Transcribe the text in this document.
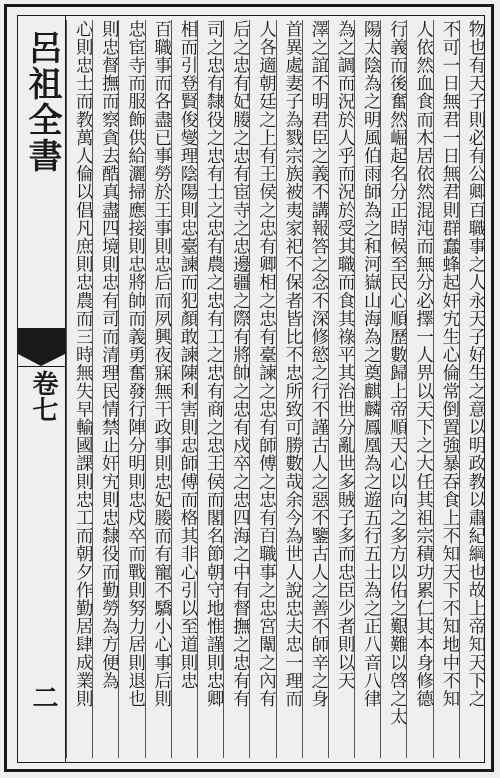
呂祖全書
卷七
二	物也有天子則必有公卿百職事之人永天子好生之意以明政教以肅紀綱也故上帝知天下之
不可一日無君一日無君則群蠢蜂起奸宄生心倫常倒置強暴吞食上不知天下不知地中不知
人依然血食而木居依然混沌而無分必擇一人畀以天下之大任其祖宗積功累仁其本身修德
行義而後奮然崛起名分正時候至民心順歷數歸上帝順天心以向之多方以佑之艱難以啓之太
陽太陰為之明風伯雨師為之和河嶽山海為之奠麒麟鳳凰為之遊五行五土為之正八音八律
為之調而況於人乎而況於受其職而食其祿平其治世分亂世多賊子多而忠臣少者則以天
澤之誼不明君臣之義不講報答之念不深修慾之行不謹古人之惡不鑒古人之善不師辛之身
首異處妻子為戮宗族被夷家祀不保者皆比不忠所致可勝數哉余今為世人說忠夫忠一理而
人各適朝廷之上有王侯之忠有卿相之忠有臺諫之忠有師傅之忠有百職事之忠宮闈之內有
后之忠有妃媵之忠有宦寺之忠邊疆之際有將帥之忠有戍卒之忠四海之中有督撫之忠有有
司之忠有隸役之忠有士之忠有農之忠有工之忠有商之忠王侯而閣名節朝守地惟謹則忠卿
相而引登賢俊燮理陰陽則忠臺諫而犯顏敢諫陳利害則忠師傅而格其非心引以至道則忠
百職事而各盡已事勞於王事則忠后而夙興夜寐無干政事則忠妃媵而有寵不驕小心事后則
忠宦寺而服飾供給灑掃應接則忠將帥而義勇奮發行陣分明則忠戍卒而戰則努力居則退也
則忠督撫而察貪去酷真盡四境則忠有司而清理民情禁止奸宄則忠隸役而勤勞為方便為
心則忠士而教萬人倫以倡凡庶則忠農而三時無失早輸國課則忠工而朝夕作勤居肆成業則
